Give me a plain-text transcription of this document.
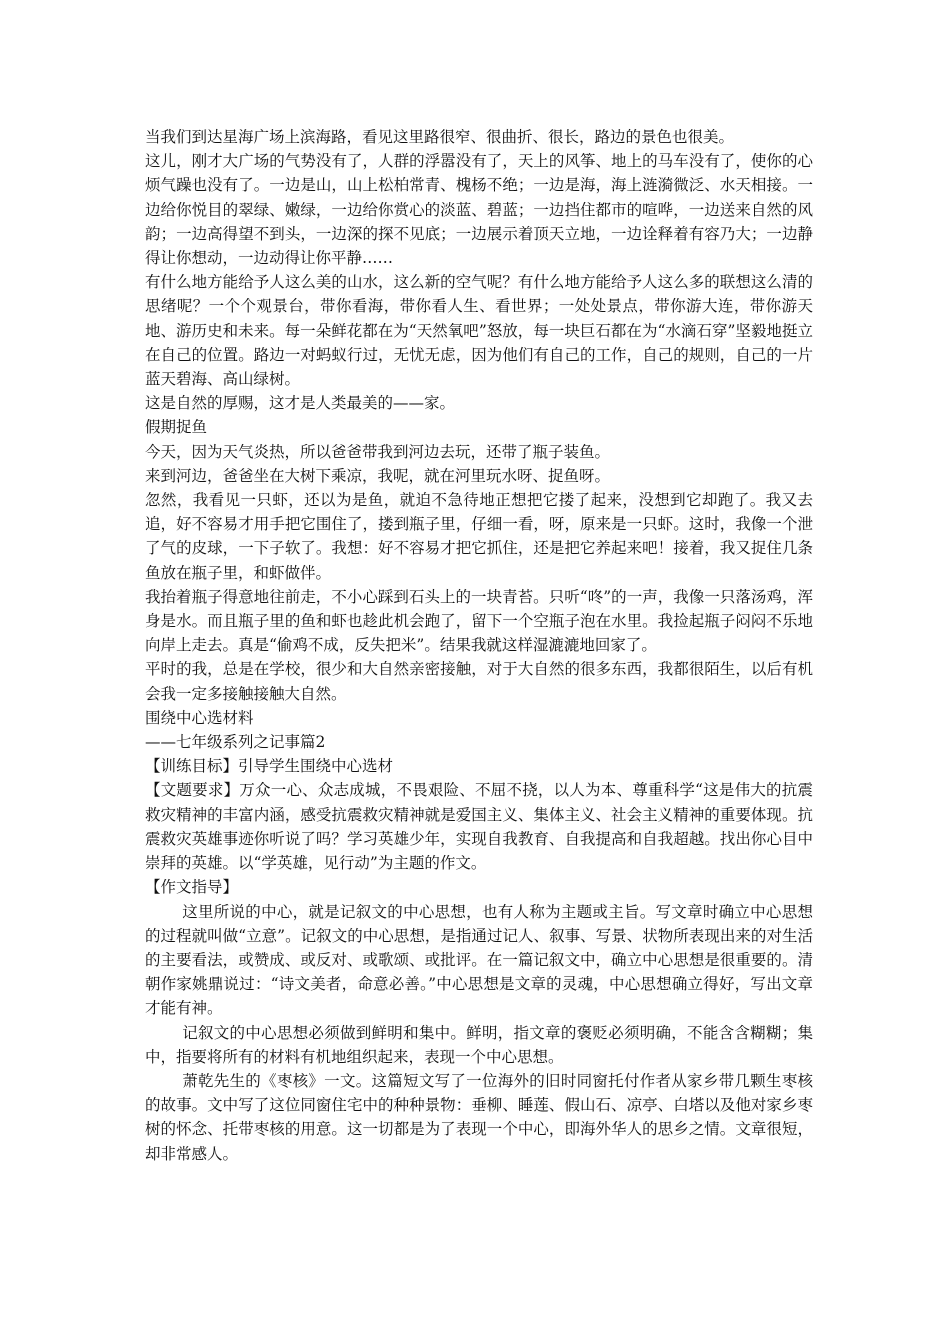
当我们到达星海广场上滨海路，看见这里路很窄、很曲折、很长，路边的景色也很美。

这儿，刚才大广场的气势没有了，人群的浮嚣没有了，天上的风筝、地上的马车没有了，使你的心烦气躁也没有了。一边是山，山上松柏常青、槐杨不绝；一边是海，海上涟漪微泛、水天相接。一边给你悦目的翠绿、嫩绿，一边给你赏心的淡蓝、碧蓝；一边挡住都市的喧哗，一边送来自然的风韵；一边高得望不到头，一边深的探不见底；一边展示着顶天立地，一边诠释着有容乃大；一边静得让你想动，一边动得让你平静……

有什么地方能给予人这么美的山水，这么新的空气呢？有什么地方能给予人这么多的联想这么清的思绪呢？一个个观景台，带你看海，带你看人生、看世界；一处处景点，带你游大连，带你游天地、游历史和未来。每一朵鲜花都在为“天然氧吧”怒放，每一块巨石都在为“水滴石穿”坚毅地挺立在自己的位置。路边一对蚂蚁行过，无忧无虑，因为他们有自己的工作，自己的规则，自己的一片蓝天碧海、高山绿树。

这是自然的厚赐，这才是人类最美的——家。

假期捉鱼

今天，因为天气炎热，所以爸爸带我到河边去玩，还带了瓶子装鱼。

来到河边，爸爸坐在大树下乘凉，我呢，就在河里玩水呀、捉鱼呀。

忽然，我看见一只虾，还以为是鱼，就迫不急待地正想把它搂了起来，没想到它却跑了。我又去追，好不容易才用手把它围住了，搂到瓶子里，仔细一看，呀，原来是一只虾。这时，我像一个泄了气的皮球，一下子软了。我想：好不容易才把它抓住，还是把它养起来吧！接着，我又捉住几条鱼放在瓶子里，和虾做伴。

我抬着瓶子得意地往前走，不小心踩到石头上的一块青苔。只听“咚”的一声，我像一只落汤鸡，浑身是水。而且瓶子里的鱼和虾也趁此机会跑了，留下一个空瓶子泡在水里。我捡起瓶子闷闷不乐地向岸上走去。真是“偷鸡不成，反失把米”。结果我就这样湿漉漉地回家了。

平时的我，总是在学校，很少和大自然亲密接触，对于大自然的很多东西，我都很陌生，以后有机会我一定多接触接触大自然。

围绕中心选材料

——七年级系列之记事篇2

【训练目标】引导学生围绕中心选材

【文题要求】万众一心、众志成城，不畏艰险、不屈不挠，以人为本、尊重科学“这是伟大的抗震救灾精神的丰富内涵，感受抗震救灾精神就是爱国主义、集体主义、社会主义精神的重要体现。抗震救灾英雄事迹你听说了吗？学习英雄少年，实现自我教育、自我提高和自我超越。找出你心目中崇拜的英雄。以“学英雄，见行动”为主题的作文。

【作文指导】

这里所说的中心，就是记叙文的中心思想，也有人称为主题或主旨。写文章时确立中心思想的过程就叫做“立意”。记叙文的中心思想，是指通过记人、叙事、写景、状物所表现出来的对生活的主要看法，或赞成、或反对、或歌颂、或批评。在一篇记叙文中，确立中心思想是很重要的。清朝作家姚鼎说过：“诗文美者，命意必善。”中心思想是文章的灵魂，中心思想确立得好，写出文章才能有神。

记叙文的中心思想必须做到鲜明和集中。鲜明，指文章的褒贬必须明确，不能含含糊糊；集中，指要将所有的材料有机地组织起来，表现一个中心思想。

萧乾先生的《枣核》一文。这篇短文写了一位海外的旧时同窗托付作者从家乡带几颗生枣核的故事。文中写了这位同窗住宅中的种种景物：垂柳、睡莲、假山石、凉亭、白塔以及他对家乡枣树的怀念、托带枣核的用意。这一切都是为了表现一个中心，即海外华人的思乡之情。文章很短，却非常感人。
